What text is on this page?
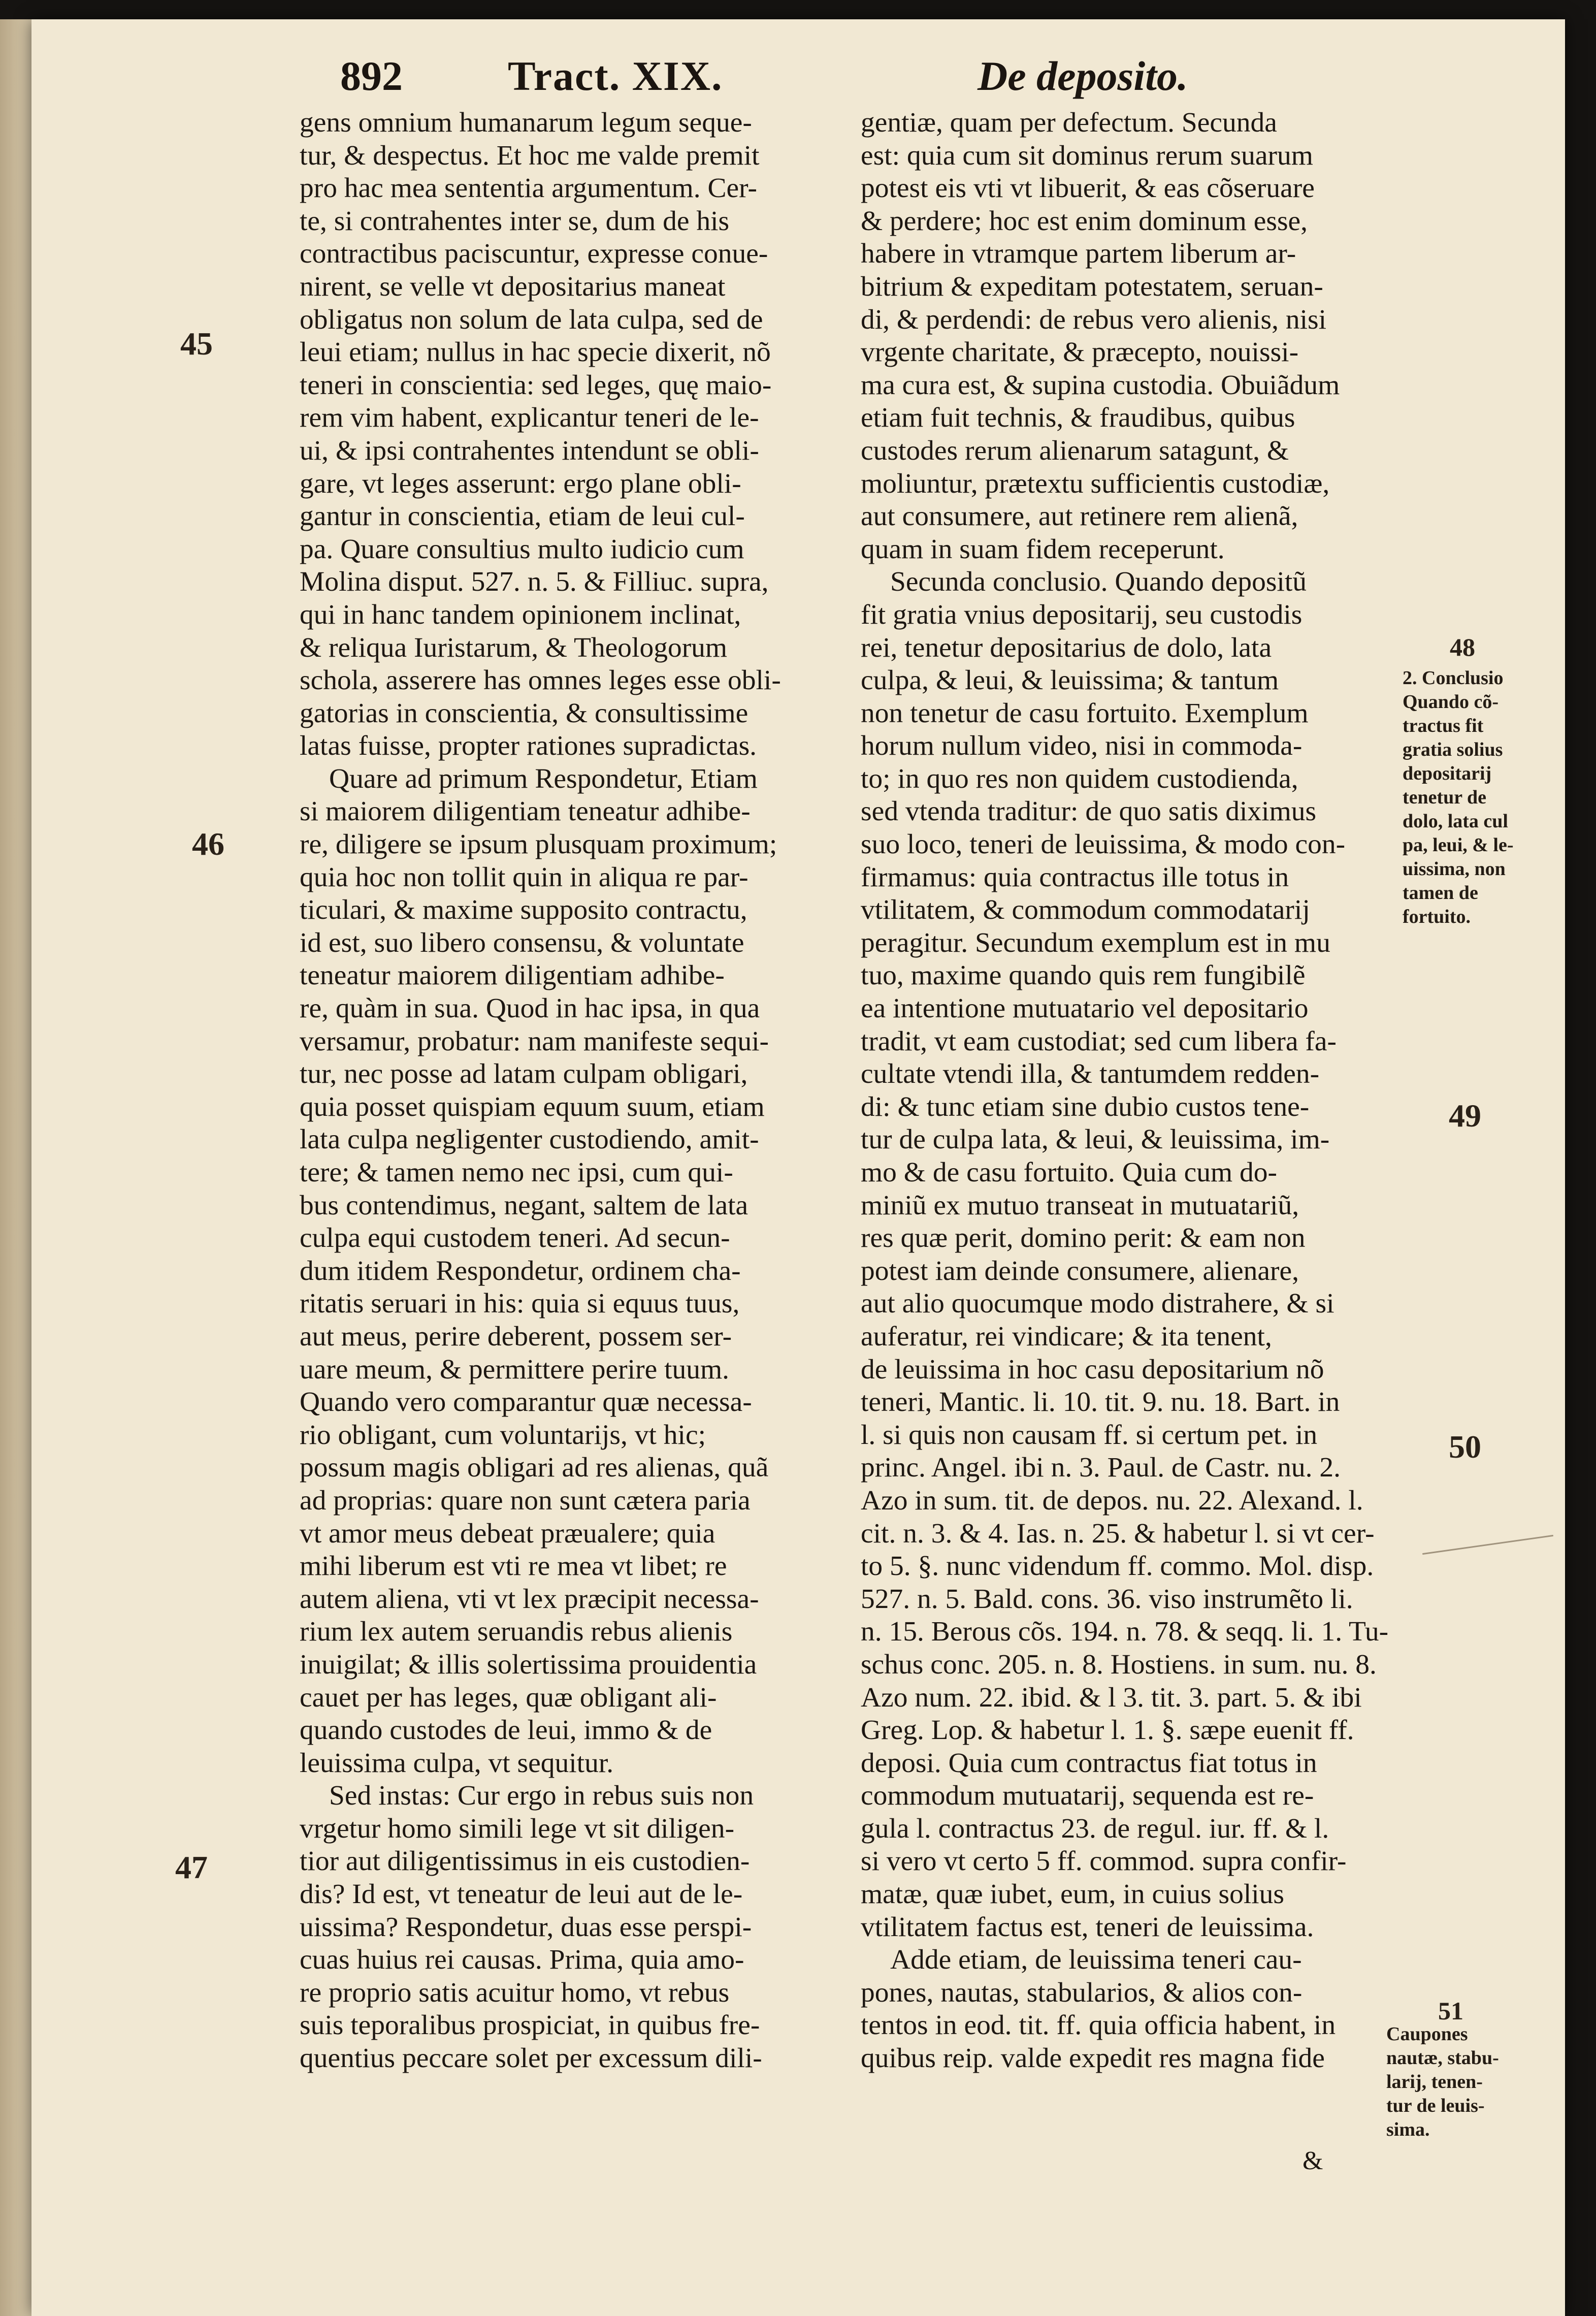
892	Tract. XIX.	De deposito.
45
46
47
48
49
50
51
gens omnium humanarum legum seque-
tur, & despectus. Et hoc me valde premit
pro hac mea sententia argumentum. Cer-
te, si contrahentes inter se, dum de his
contractibus paciscuntur, expresse conue-
nirent, se velle vt depositarius maneat
obligatus non solum de lata culpa, sed de
leui etiam; nullus in hac specie dixerit, nõ
teneri in conscientia: sed leges, quę maio-
rem vim habent, explicantur teneri de le-
ui, & ipsi contrahentes intendunt se obli-
gare, vt leges asserunt: ergo plane obli-
gantur in conscientia, etiam de leui cul-
pa. Quare consultius multo iudicio cum
Molina disput. 527. n. 5. & Filliuc. supra,
qui in hanc tandem opinionem inclinat,
& reliqua Iuristarum, & Theologorum
schola, asserere has omnes leges esse obli-
gatorias in conscientia, & consultissime
latas fuisse, propter rationes supradictas.
Quare ad primum Respondetur, Etiam
si maiorem diligentiam teneatur adhibe-
re, diligere se ipsum plusquam proximum;
quia hoc non tollit quin in aliqua re par-
ticulari, & maxime supposito contractu,
id est, suo libero consensu, & voluntate
teneatur maiorem diligentiam adhibe-
re, quàm in sua. Quod in hac ipsa, in qua
versamur, probatur: nam manifeste sequi-
tur, nec posse ad latam culpam obligari,
quia posset quispiam equum suum, etiam
lata culpa negligenter custodiendo, amit-
tere; & tamen nemo nec ipsi, cum qui-
bus contendimus, negant, saltem de lata
culpa equi custodem teneri. Ad secun-
dum itidem Respondetur, ordinem cha-
ritatis seruari in his: quia si equus tuus,
aut meus, perire deberent, possem ser-
uare meum, & permittere perire tuum.
Quando vero comparantur quæ necessa-
rio obligant, cum voluntarijs, vt hic;
possum magis obligari ad res alienas, quã
ad proprias: quare non sunt cætera paria
vt amor meus debeat præualere; quia
mihi liberum est vti re mea vt libet; re
autem aliena, vti vt lex præcipit necessa-
rium lex autem seruandis rebus alienis
inuigilat; & illis solertissima prouidentia
cauet per has leges, quæ obligant ali-
quando custodes de leui, immo & de
leuissima culpa, vt sequitur.
Sed instas: Cur ergo in rebus suis non
vrgetur homo simili lege vt sit diligen-
tior aut diligentissimus in eis custodien-
dis? Id est, vt teneatur de leui aut de le-
uissima? Respondetur, duas esse perspi-
cuas huius rei causas. Prima, quia amo-
re proprio satis acuitur homo, vt rebus
suis teporalibus prospiciat, in quibus fre-
quentius peccare solet per excessum dili-
gentiæ, quam per defectum. Secunda
est: quia cum sit dominus rerum suarum
potest eis vti vt libuerit, & eas cõseruare
& perdere; hoc est enim dominum esse,
habere in vtramque partem liberum ar-
bitrium & expeditam potestatem, seruan-
di, & perdendi: de rebus vero alienis, nisi
vrgente charitate, & præcepto, nouissi-
ma cura est, & supina custodia. Obuiãdum
etiam fuit technis, & fraudibus, quibus
custodes rerum alienarum satagunt, &
moliuntur, prætextu sufficientis custodiæ,
aut consumere, aut retinere rem alienã,
quam in suam fidem receperunt.
Secunda conclusio. Quando depositũ
fit gratia vnius depositarij, seu custodis
rei, tenetur depositarius de dolo, lata
culpa, & leui, & leuissima; & tantum
non tenetur de casu fortuito. Exemplum
horum nullum video, nisi in commoda-
to; in quo res non quidem custodienda,
sed vtenda traditur: de quo satis diximus
suo loco, teneri de leuissima, & modo con-
firmamus: quia contractus ille totus in
vtilitatem, & commodum commodatarij
peragitur. Secundum exemplum est in mu
tuo, maxime quando quis rem fungibilẽ
ea intentione mutuatario vel depositario
tradit, vt eam custodiat; sed cum libera fa-
cultate vtendi illa, & tantumdem redden-
di: & tunc etiam sine dubio custos tene-
tur de culpa lata, & leui, & leuissima, im-
mo & de casu fortuito. Quia cum do-
miniũ ex mutuo transeat in mutuatariũ,
res quæ perit, domino perit: & eam non
potest iam deinde consumere, alienare,
aut alio quocumque modo distrahere, & si
auferatur, rei vindicare; & ita tenent,
de leuissima in hoc casu depositarium nõ
teneri, Mantic. li. 10. tit. 9. nu. 18. Bart. in
l. si quis non causam ff. si certum pet. in
princ. Angel. ibi n. 3. Paul. de Castr. nu. 2.
Azo in sum. tit. de depos. nu. 22. Alexand. l.
cit. n. 3. & 4. Ias. n. 25. & habetur l. si vt cer-
to 5. §. nunc videndum ff. commo. Mol. disp.
527. n. 5. Bald. cons. 36. viso instrumẽto li.
n. 15. Berous cõs. 194. n. 78. & seqq. li. 1. Tu-
schus conc. 205. n. 8. Hostiens. in sum. nu. 8.
Azo num. 22. ibid. & l 3. tit. 3. part. 5. & ibi
Greg. Lop. & habetur l. 1. §. sæpe euenit ff.
deposi. Quia cum contractus fiat totus in
commodum mutuatarij, sequenda est re-
gula l. contractus 23. de regul. iur. ff. & l.
si vero vt certo 5 ff. commod. supra confir-
matæ, quæ iubet, eum, in cuius solius
vtilitatem factus est, teneri de leuissima.
Adde etiam, de leuissima teneri cau-
pones, nautas, stabularios, & alios con-
tentos in eod. tit. ff. quia officia habent, in
quibus reip. valde expedit res magna fide
2. Conclusio
Quando cõ-
tractus fit
gratia solius
depositarij
tenetur de
dolo, lata cul
pa, leui, & le-
uissima, non
tamen de
fortuito.
Caupones
nautæ, stabu-
larij, tenen-
tur de leuis-
sima.
&
